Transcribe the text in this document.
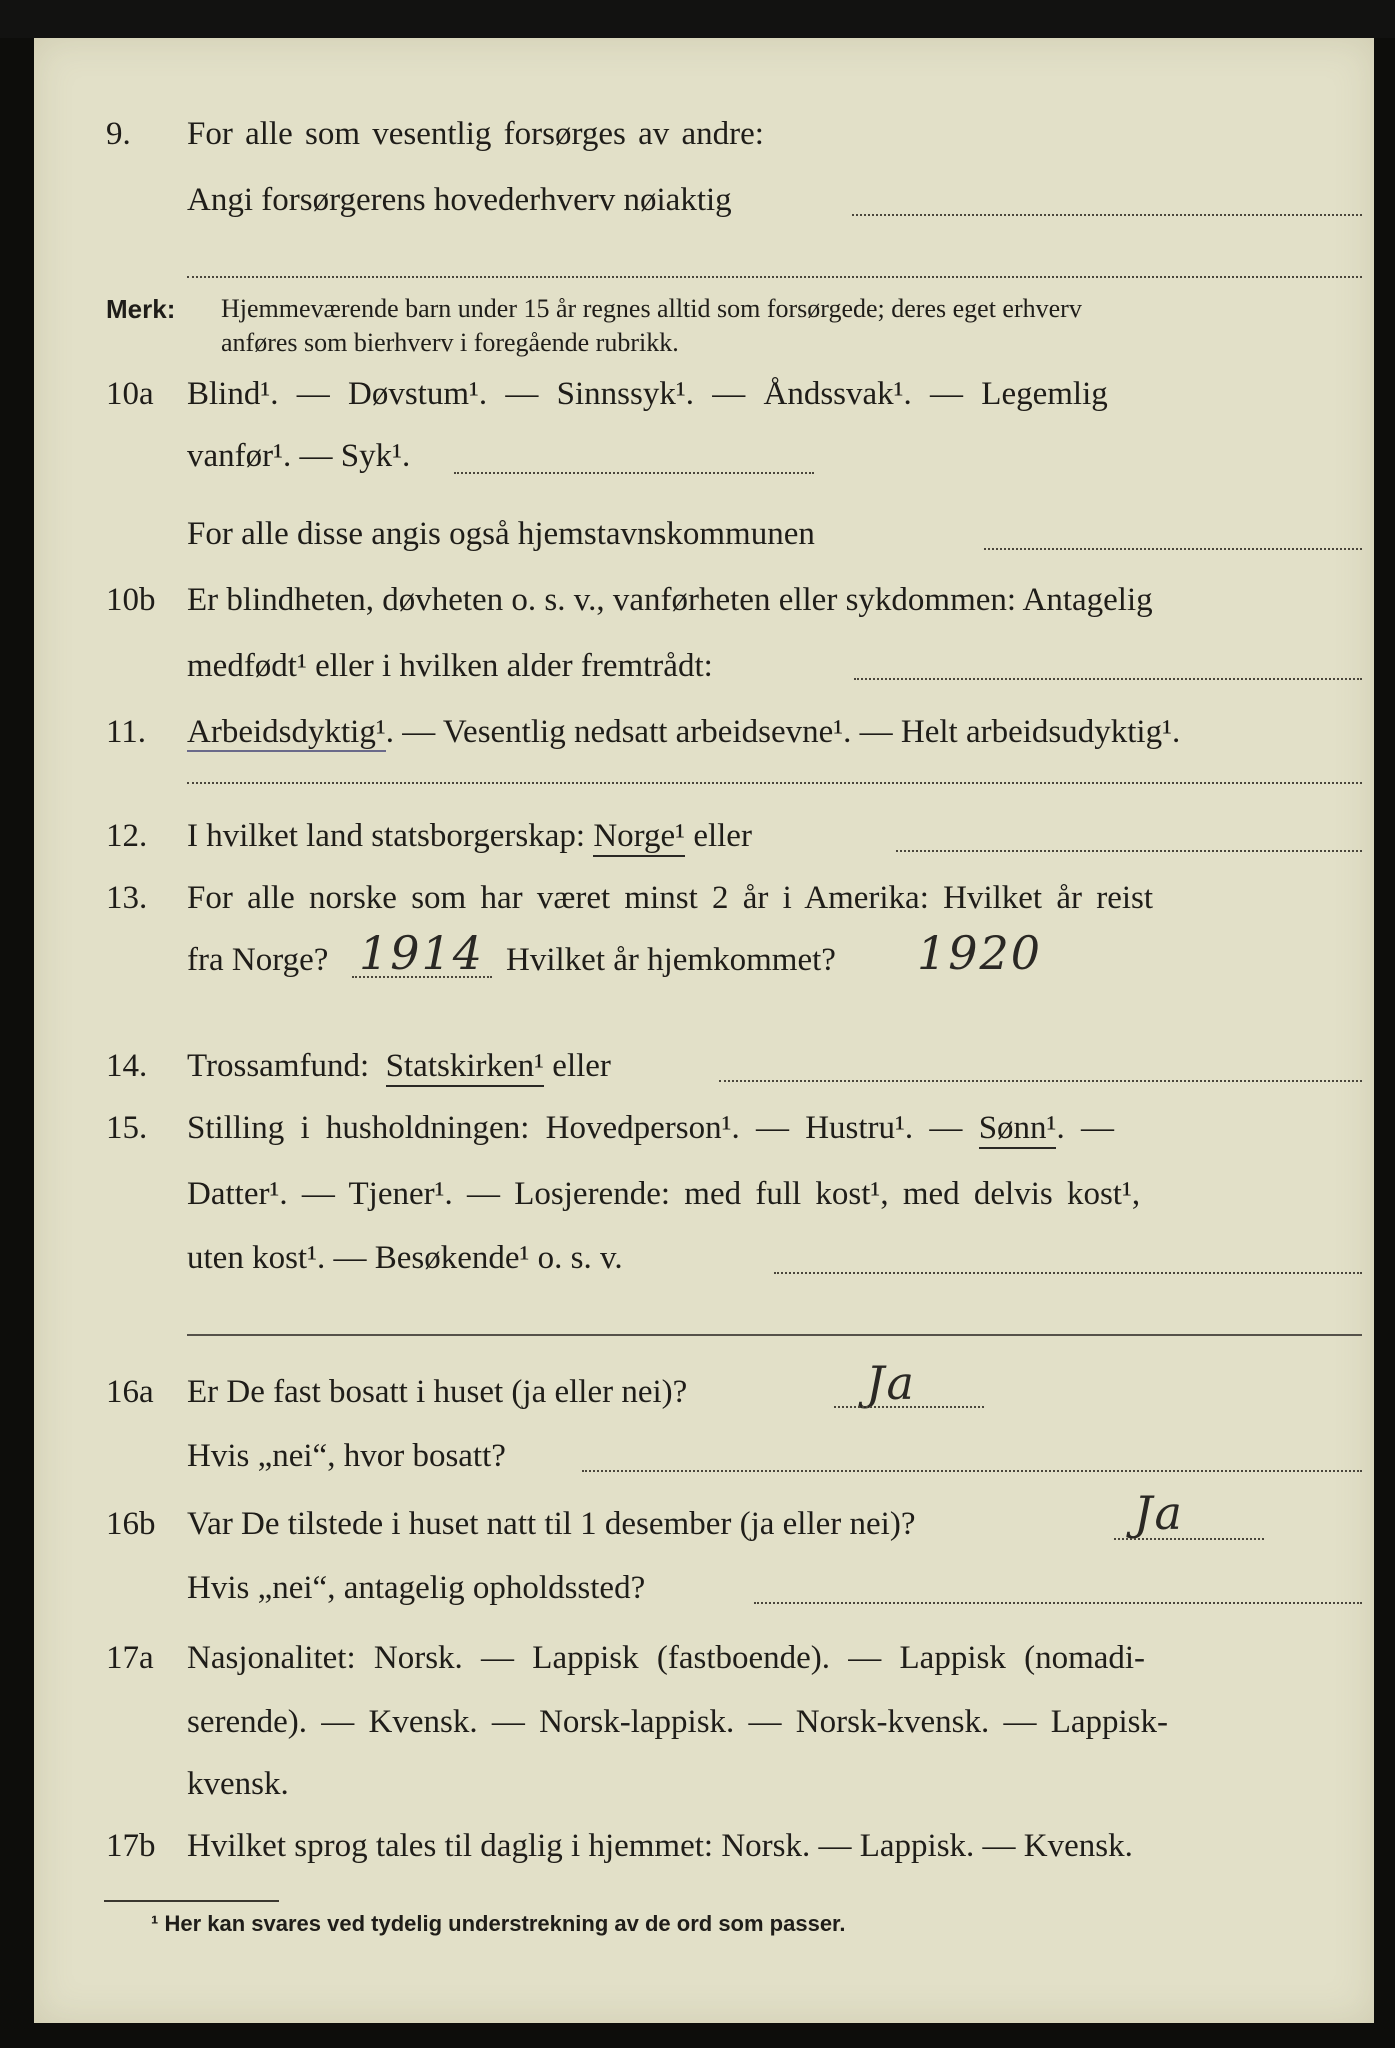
9. For alle som vesentlig forsørges av andre:
Angi forsørgerens hovederhverv nøiaktig
Merk: Hjemmeværende barn under 15 år regnes alltid som forsørgede; deres eget erhverv
anføres som bierhverv i foregående rubrikk.
10a Blind¹. — Døvstum¹. — Sinnssyk¹. — Åndssvak¹. — Legemlig
vanfør¹. — Syk¹.
For alle disse angis også hjemstavnskommunen
10b Er blindheten, døvheten o. s. v., vanførheten eller sykdommen: Antagelig
medfødt¹ eller i hvilken alder fremtrådt:
11. Arbeidsdyktig¹. — Vesentlig nedsatt arbeidsevne¹. — Helt arbeidsudyktig¹.
12. I hvilket land statsborgerskap: Norge¹ eller
13. For alle norske som har været minst 2 år i Amerika: Hvilket år reist
fra Norge?	Hvilket år hjemkommet?
1914	1920
14. Trossamfund: Statskirken¹ eller
15. Stilling i husholdningen: Hovedperson¹. — Hustru¹. — Sønn¹. —
Datter¹. — Tjener¹. — Losjerende: med full kost¹, med delvis kost¹,
uten kost¹. — Besøkende¹ o. s. v.
16a Er De fast bosatt i huset (ja eller nei)?	Ja
Hvis „nei“, hvor bosatt?
16b Var De tilstede i huset natt til 1 desember (ja eller nei)?	Ja
Hvis „nei“, antagelig opholdssted?
17a Nasjonalitet: Norsk. — Lappisk (fastboende). — Lappisk (nomadi-
serende). — Kvensk. — Norsk-lappisk. — Norsk-kvensk. — Lappisk-
kvensk.
17b Hvilket sprog tales til daglig i hjemmet: Norsk. — Lappisk. — Kvensk.
¹ Her kan svares ved tydelig understrekning av de ord som passer.
